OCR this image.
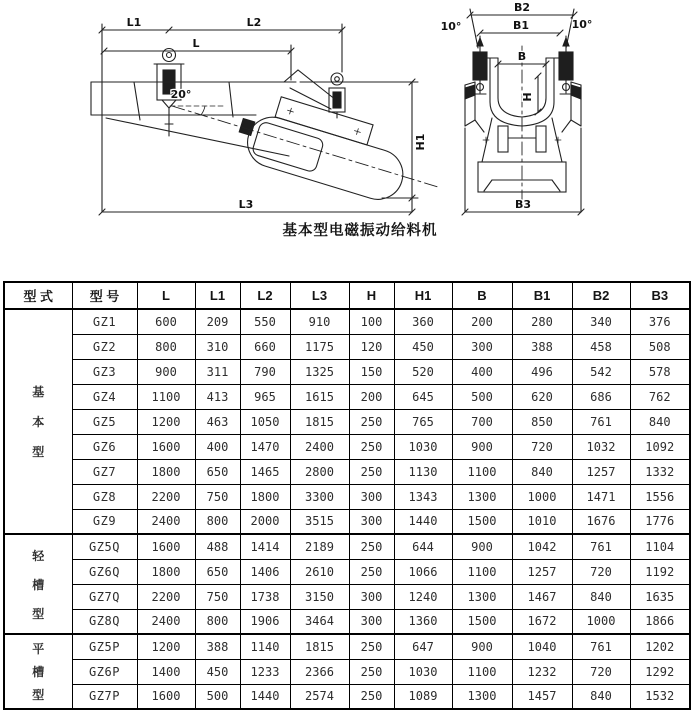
L1	L2
L
20°
H1
L3
B2
B1
10°	10°
B
H
B3
基本型电磁振动给料机
型 式	型 号	L	L1	L2	L3	H	H1	B	B1	B2	B3

基
本
型	GZ1	600	209	550	910	100	360	200	280	340	376
	GZ2	800	310	660	1175	120	450	300	388	458	508
	GZ3	900	311	790	1325	150	520	400	496	542	578
	GZ4	1100	413	965	1615	200	645	500	620	686	762
	GZ5	1200	463	1050	1815	250	765	700	850	761	840
	GZ6	1600	400	1470	2400	250	1030	900	720	1032	1092
	GZ7	1800	650	1465	2800	250	1130	1100	840	1257	1332
	GZ8	2200	750	1800	3300	300	1343	1300	1000	1471	1556
	GZ9	2400	800	2000	3515	300	1440	1500	1010	1676	1776

轻
槽
型	GZ5Q	1600	488	1414	2189	250	644	900	1042	761	1104
	GZ6Q	1800	650	1406	2610	250	1066	1100	1257	720	1192
	GZ7Q	2200	750	1738	3150	300	1240	1300	1467	840	1635
	GZ8Q	2400	800	1906	3464	300	1360	1500	1672	1000	1866

平
槽
型	GZ5P	1200	388	1140	1815	250	647	900	1040	761	1202
	GZ6P	1400	450	1233	2366	250	1030	1100	1232	720	1292
	GZ7P	1600	500	1440	2574	250	1089	1300	1457	840	1532
